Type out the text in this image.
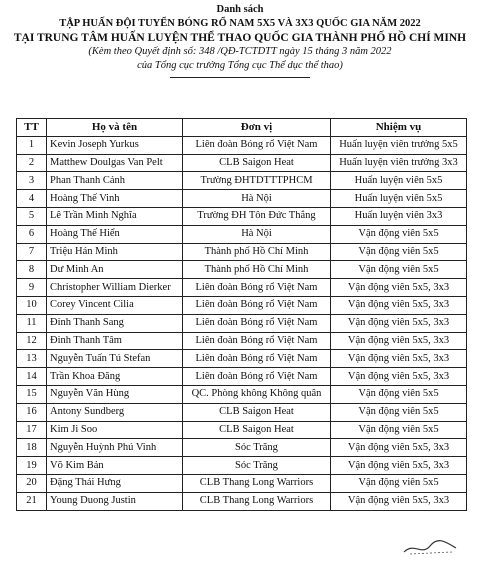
Danh sách
TẬP HUẤN ĐỘI TUYỂN BÓNG RỔ NAM 5X5 VÀ 3X3 QUỐC GIA NĂM 2022
TẠI TRUNG TÂM HUẤN LUYỆN THỂ THAO QUỐC GIA THÀNH PHỐ HỒ CHÍ MINH
(Kèm theo Quyết định số: 348 /QĐ-TCTDTT ngày 15 tháng 3 năm 2022
của Tổng cục trưởng Tổng cục Thể dục thể thao)
TT	Họ và tên	Đơn vị	Nhiệm vụ
1	Kevin Joseph Yurkus	Liên đoàn Bóng rổ Việt Nam	Huấn luyện viên trưởng 5x5
2	Matthew Doulgas Van Pelt	CLB Saigon Heat	Huấn luyện viên trưởng 3x3
3	Phan Thanh Cảnh	Trường ĐHTDTTTPHCM	Huấn luyện viên 5x5
4	Hoàng Thế Vinh	Hà Nội	Huấn luyện viên 5x5
5	Lê Trần Minh Nghĩa	Trường ĐH Tôn Đức Thắng	Huấn luyện viên 3x3
6	Hoàng Thế Hiển	Hà Nội	Vận động viên 5x5
7	Triệu Hán Minh	Thành phố Hồ Chí Minh	Vận động viên 5x5
8	Dư Minh An	Thành phố Hồ Chí Minh	Vận động viên 5x5
9	Christopher William Dierker	Liên đoàn Bóng rổ Việt Nam	Vận động viên 5x5, 3x3
10	Corey Vincent Cilia	Liên đoàn Bóng rổ Việt Nam	Vận động viên 5x5, 3x3
11	Đinh Thanh Sang	Liên đoàn Bóng rổ Việt Nam	Vận động viên 5x5, 3x3
12	Đinh Thanh Tâm	Liên đoàn Bóng rổ Việt Nam	Vận động viên 5x5, 3x3
13	Nguyễn Tuấn Tú Stefan	Liên đoàn Bóng rổ Việt Nam	Vận động viên 5x5, 3x3
14	Trần Khoa Đăng	Liên đoàn Bóng rổ Việt Nam	Vận động viên 5x5, 3x3
15	Nguyễn Văn Hùng	QC. Phòng không Không quân	Vận động viên 5x5
16	Antony Sundberg	CLB Saigon Heat	Vận động viên 5x5
17	Kim Ji Soo	CLB Saigon Heat	Vận động viên 5x5
18	Nguyễn Huỳnh Phú Vinh	Sóc Trăng	Vận động viên 5x5, 3x3
19	Võ Kim Bản	Sóc Trăng	Vận động viên 5x5, 3x3
20	Đặng Thái Hưng	CLB Thang Long Warriors	Vận động viên 5x5
21	Young Duong Justin	CLB Thang Long Warriors	Vận động viên 5x5, 3x3
